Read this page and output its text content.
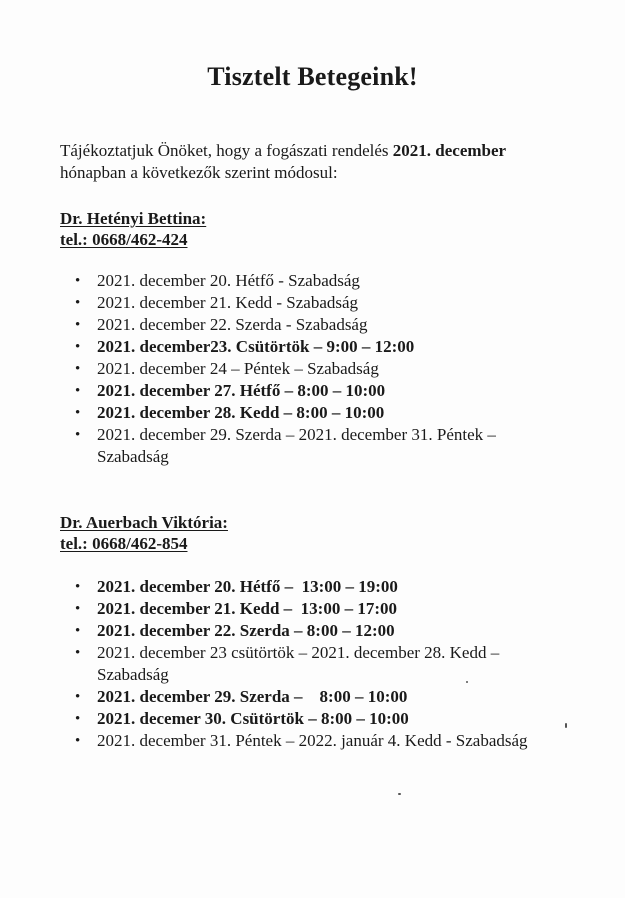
Tisztelt Betegeink!
Tájékoztatjuk Önöket, hogy a fogászati rendelés 2021. december
hónapban a következők szerint módosul:
Dr. Hetényi Bettina:
tel.: 0668/462-424
• 2021. december 20. Hétfő - Szabadság
• 2021. december 21. Kedd - Szabadság
• 2021. december 22. Szerda - Szabadság
• 2021. december23. Csütörtök – 9:00 – 12:00
• 2021. december 24 – Péntek – Szabadság
• 2021. december 27. Hétfő – 8:00 – 10:00
• 2021. december 28. Kedd – 8:00 – 10:00
• 2021. december 29. Szerda – 2021. december 31. Péntek – Szabadság
Dr. Auerbach Viktória:
tel.: 0668/462-854
• 2021. december 20. Hétfő –  13:00 – 19:00
• 2021. december 21. Kedd –  13:00 – 17:00
• 2021. december 22. Szerda – 8:00 – 12:00
• 2021. december 23 csütörtök – 2021. december 28. Kedd – Szabadság
• 2021. december 29. Szerda –    8:00 – 10:00
• 2021. decemer 30. Csütörtök – 8:00 – 10:00
• 2021. december 31. Péntek – 2022. január 4. Kedd - Szabadság
